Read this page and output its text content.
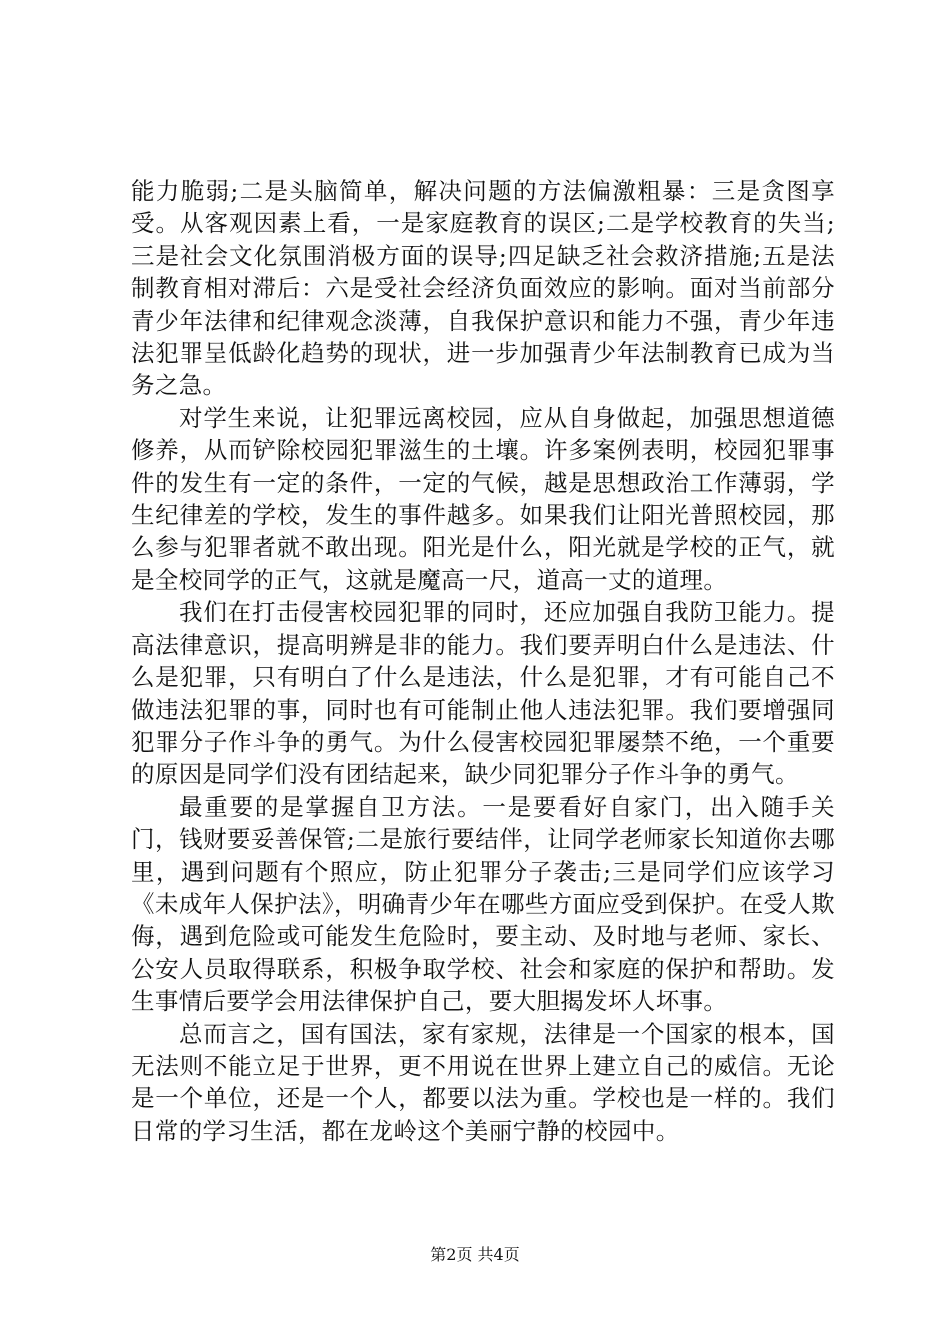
能力脆弱;二是头脑简单，解决问题的方法偏激粗暴：三是贪图享受。从客观因素上看，一是家庭教育的误区;二是学校教育的失当;三是社会文化氛围消极方面的误导;四足缺乏社会救济措施;五是法制教育相对滞后：六是受社会经济负面效应的影响。面对当前部分青少年法律和纪律观念淡薄，自我保护意识和能力不强，青少年违法犯罪呈低龄化趋势的现状，进一步加强青少年法制教育已成为当务之急。

对学生来说，让犯罪远离校园，应从自身做起，加强思想道德修养，从而铲除校园犯罪滋生的土壤。许多案例表明，校园犯罪事件的发生有一定的条件，一定的气候，越是思想政治工作薄弱，学生纪律差的学校，发生的事件越多。如果我们让阳光普照校园，那么参与犯罪者就不敢出现。阳光是什么，阳光就是学校的正气，就是全校同学的正气，这就是魔高一尺，道高一丈的道理。

我们在打击侵害校园犯罪的同时，还应加强自我防卫能力。提高法律意识，提高明辨是非的能力。我们要弄明白什么是违法、什么是犯罪，只有明白了什么是违法，什么是犯罪，才有可能自己不做违法犯罪的事，同时也有可能制止他人违法犯罪。我们要增强同犯罪分子作斗争的勇气。为什么侵害校园犯罪屡禁不绝，一个重要的原因是同学们没有团结起来，缺少同犯罪分子作斗争的勇气。

最重要的是掌握自卫方法。一是要看好自家门，出入随手关门，钱财要妥善保管;二是旅行要结伴，让同学老师家长知道你去哪里，遇到问题有个照应，防止犯罪分子袭击;三是同学们应该学习《未成年人保护法》，明确青少年在哪些方面应受到保护。在受人欺侮，遇到危险或可能发生危险时，要主动、及时地与老师、家长、公安人员取得联系，积极争取学校、社会和家庭的保护和帮助。发生事情后要学会用法律保护自己，要大胆揭发坏人坏事。

总而言之，国有国法，家有家规，法律是一个国家的根本，国无法则不能立足于世界，更不用说在世界上建立自己的威信。无论是一个单位，还是一个人，都要以法为重。学校也是一样的。我们日常的学习生活，都在龙岭这个美丽宁静的校园中。

第2页 共4页
